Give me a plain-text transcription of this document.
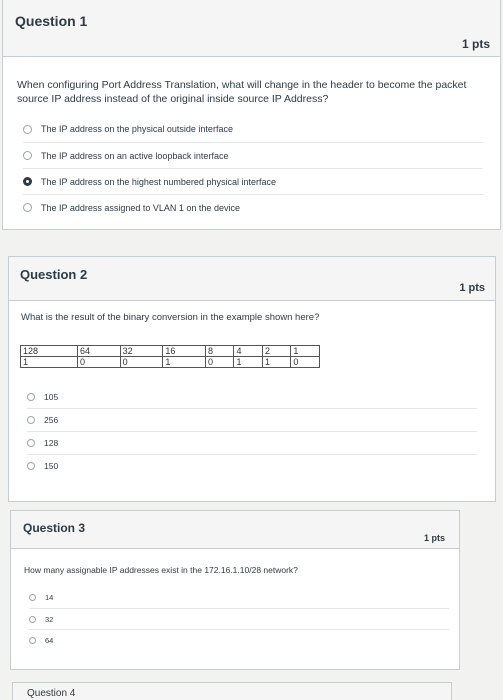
Question 1
1 pts
When configuring Port Address Translation, what will change in the header to become the packet source IP address instead of the original inside source IP Address?
The IP address on the physical outside interface
The IP address on an active loopback interface
The IP address on the highest numbered physical interface
The IP address assigned to VLAN 1 on the device
Question 2
1 pts
What is the result of the binary conversion in the example shown here?
128	64	32	16	8	4	2	1
1	0	0	1	0	1	1	0
105
256
128
150
Question 3
How many assignable IP addresses exist in the 172.16.1.10/28 network?
14
32
64
1 pts
Question 4
